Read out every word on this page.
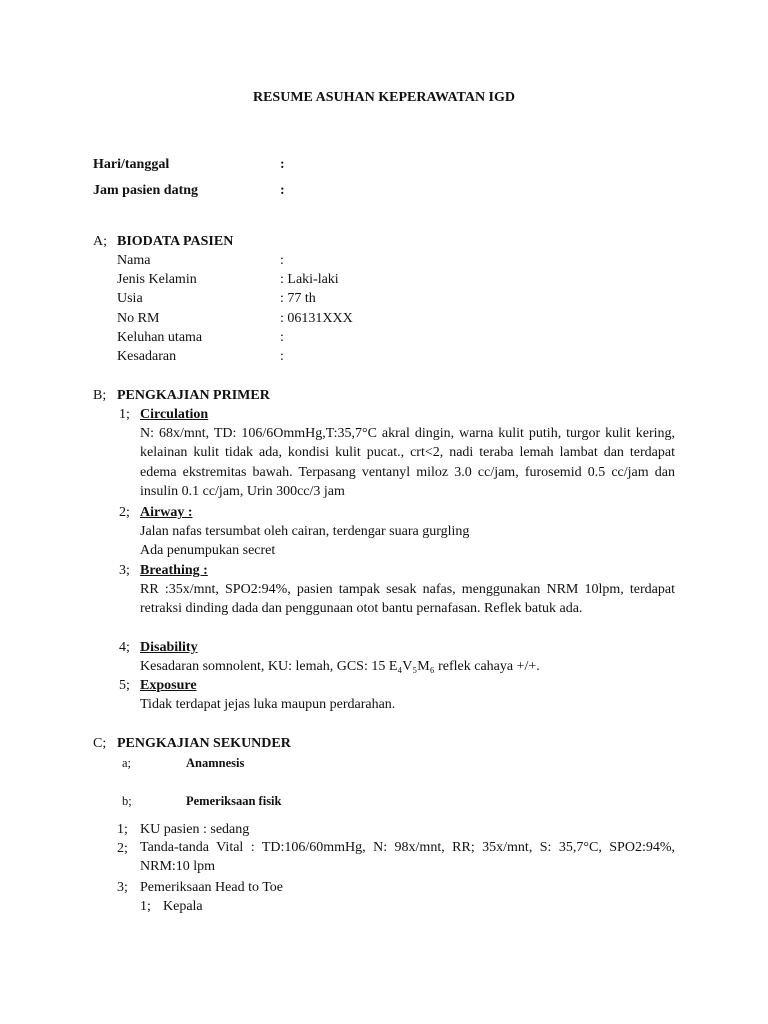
RESUME ASUHAN KEPERAWATAN IGD
Hari/tanggal	:
Jam pasien datng	:
A; BIODATA PASIEN
Nama	:
Jenis Kelamin	: Laki-laki
Usia	: 77 th
No RM	: 06131XXX
Keluhan utama	:
Kesadaran	:
B; PENGKAJIAN PRIMER
1; Circulation
N: 68x/mnt, TD: 106/6OmmHg,T:35,7°C akral dingin, warna kulit putih, turgor kulit kering, kelainan kulit tidak ada, kondisi kulit pucat., crt<2, nadi teraba lemah lambat dan terdapat edema ekstremitas bawah. Terpasang ventanyl miloz 3.0 cc/jam, furosemid 0.5 cc/jam dan insulin 0.1 cc/jam, Urin 300cc/3 jam
2; Airway :
Jalan nafas tersumbat oleh cairan, terdengar suara gurgling
Ada penumpukan secret
3; Breathing :
RR :35x/mnt, SPO2:94%, pasien tampak sesak nafas, menggunakan NRM 10lpm, terdapat retraksi dinding dada dan penggunaan otot bantu pernafasan. Reflek batuk ada.
4; Disability
Kesadaran somnolent, KU: lemah, GCS: 15 E₄V₅M₆ reflek cahaya +/+.
5; Exposure
Tidak terdapat jejas luka maupun perdarahan.
C; PENGKAJIAN SEKUNDER
a;	Anamnesis
b;	Pemeriksaan fisik
1; KU pasien : sedang
2; Tanda-tanda Vital : TD:106/60mmHg, N: 98x/mnt, RR; 35x/mnt, S: 35,7°C, SPO2:94%, NRM:10 lpm
3; Pemeriksaan Head to Toe
1; Kepala
